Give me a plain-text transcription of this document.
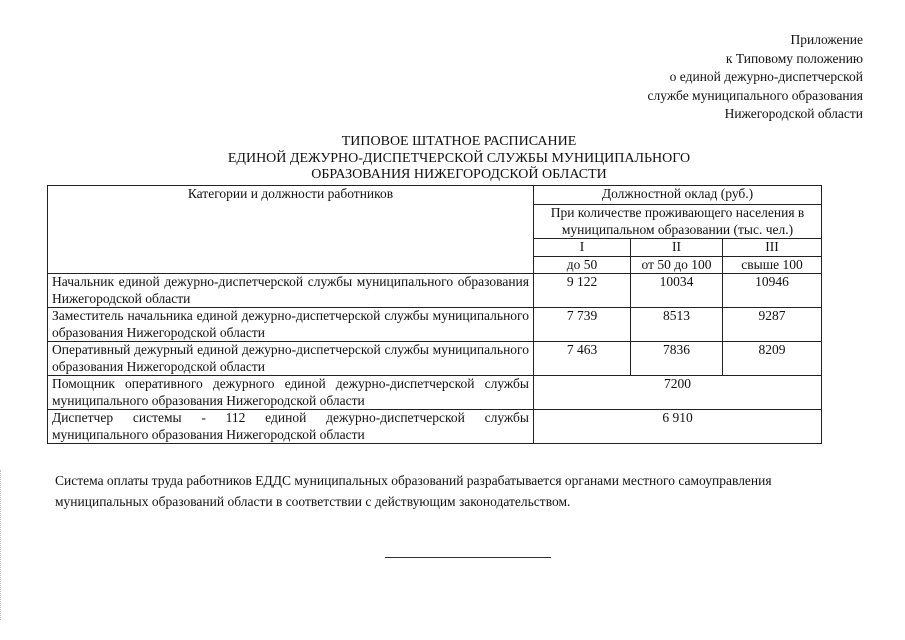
Приложение
к Типовому положению
о единой дежурно-диспетчерской
службе муниципального образования
Нижегородской области
ТИПОВОЕ ШТАТНОЕ РАСПИСАНИЕ
ЕДИНОЙ ДЕЖУРНО-ДИСПЕТЧЕРСКОЙ СЛУЖБЫ МУНИЦИПАЛЬНОГО
ОБРАЗОВАНИЯ НИЖЕГОРОДСКОЙ ОБЛАСТИ
Категории и должности работников	Должностной оклад (руб.)		
	При количестве проживающего населения в муниципальном образовании (тыс. чел.)		
	I	II	III
	до 50	от 50 до 100	свыше 100
Начальник единой дежурно-диспетчерской службы муниципального образования Нижегородской области	9 122	10034	10946
Заместитель начальника единой дежурно-диспетчерской службы муниципального образования Нижегородской области	7 739	8513	9287
Оперативный дежурный единой дежурно-диспетчерской службы муниципального образования Нижегородской области	7 463	7836	8209
Помощник оперативного дежурного единой дежурно-диспетчерской службы муниципального образования Нижегородской области	7200		
Диспетчер системы - 112 единой дежурно-диспетчерской службы муниципального образования Нижегородской области	6 910		
Система оплаты труда работников ЕДДС муниципальных образований разрабатывается органами местного самоуправления муниципальных образований области в соответствии с действующим законодательством.
